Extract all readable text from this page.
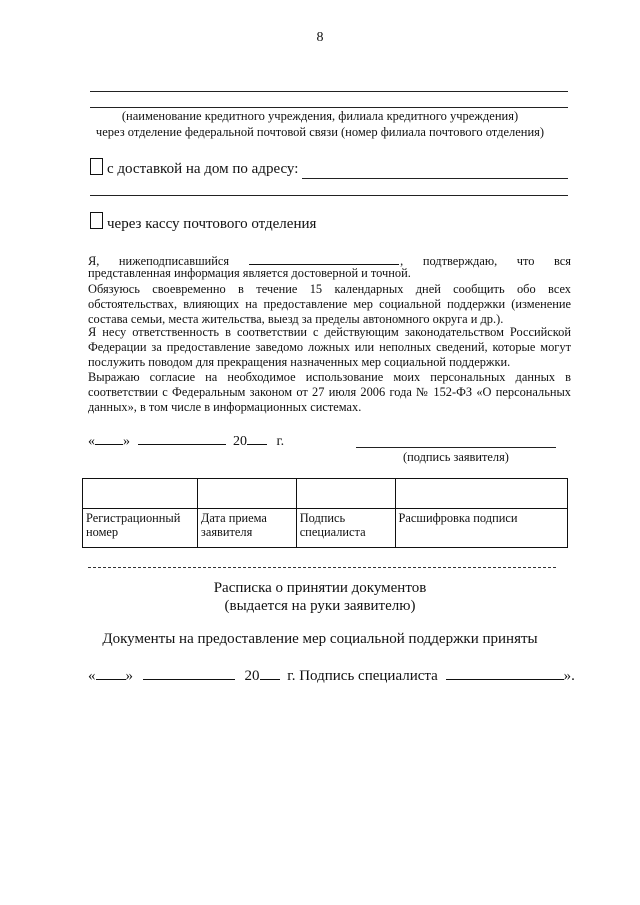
8
(наименование кредитного учреждения, филиала кредитного учреждения)
через отделение федеральной почтовой связи (номер филиала почтового отделения)
с доставкой на дом по адресу:
через кассу почтового отделения
Я, нижеподписавшийся	, подтверждаю, что вся
представленная информация является достоверной и точной.
Обязуюсь своевременно в течение 15 календарных дней сообщить обо всех обстоятельствах, влияющих на предоставление мер социальной поддержки (изменение состава семьи, места жительства, выезд за пределы автономного округа и др.).
Я несу ответственность в соответствии с действующим законодательством Российской Федерации за предоставление заведомо ложных или неполных сведений, которые могут послужить поводом для прекращения назначенных мер социальной поддержки.
Выражаю согласие на необходимое использование моих персональных данных в соответствии с Федеральным законом от 27 июля 2006 года № 152-ФЗ «О персональных данных», в том числе в информационных системах.
« »	20 г.
(подпись заявителя)

Регистрационный номер	Дата приема заявителя	Подпись специалиста	Расшифровка подписи
Расписка о принятии документов
(выдается на руки заявителю)
Документы на предоставление мер социальной поддержки приняты
« »	20 г. Подпись специалиста	».
